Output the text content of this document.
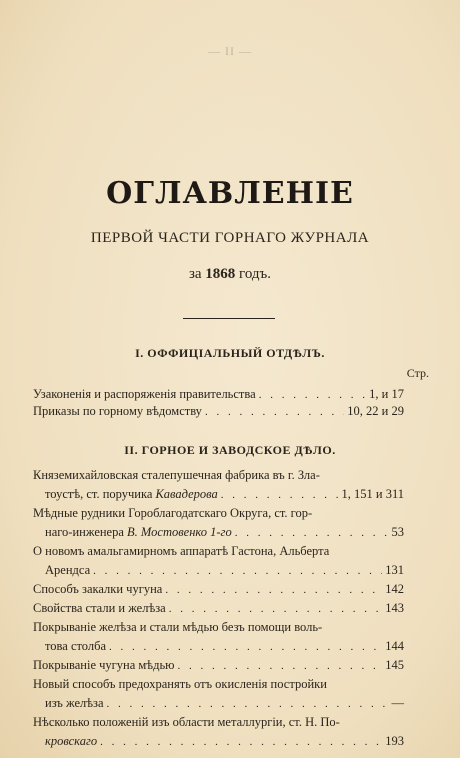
— II —
ОГЛАВЛЕНІЕ
ПЕРВОЙ ЧАСТИ ГОРНАГО ЖУРНАЛА
за 1868 годъ.
I. ОФФИЦІАЛЬНЫЙ ОТДѢЛЪ.
Стр.
Узаконенія и распоряженія правительства . . .	1, и 17
Приказы по горному вѣдомству . . .	10, 22 и 29
II. ГОРНОЕ И ЗАВОДСКОЕ ДѢЛО.
Княземихайловская сталепушечная фабрика въ г. Зла-
тоустѣ, ст. поручика Кавадерова . . .	1, 151 и 311
Мѣдные рудники Гороблагодатскаго Округа, ст. гор-
наго-инженера В. Мостовенко 1-го . . .	53
О новомъ амальгамирномъ аппаратѣ Гастона, Альберта
Арендса . . .	131
Способъ закалки чугуна . . .	142
Свойства стали и желѣза . . .	143
Покрываніе желѣза и стали мѣдью безъ помощи воль-
това столба . . .	144
Покрываніе чугуна мѣдью . . .	145
Новый способъ предохранять отъ окисленія постройки
изъ желѣза . . .	—
Нѣсколько положеній изъ области металлургіи, ст. Н. По-
кровскаго . . .	193
